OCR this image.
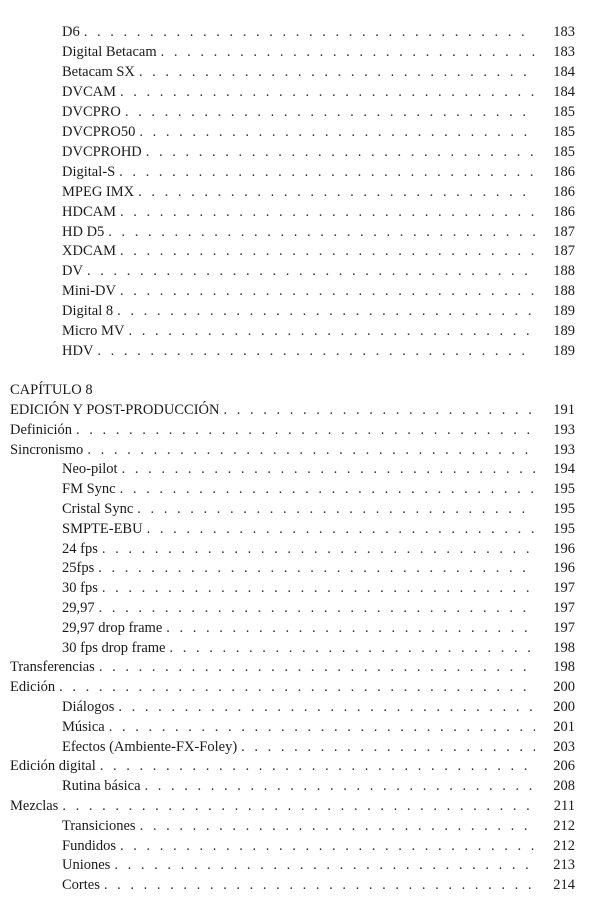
CAPÍTULO 8
D6 . . .	183
Digital Betacam . . .	183
Betacam SX . . .	184
DVCAM . . .	184
DVCPRO . . .	185
DVCPRO50 . . .	185
DVCPROHD . . .	185
Digital-S . . .	186
MPEG IMX . . .	186
HDCAM . . .	186
HD D5 . . .	187
XDCAM . . .	187
DV . . .	188
Mini-DV . . .	188
Digital 8 . . .	189
Micro MV . . .	189
HDV . . .	189
EDICIÓN Y POST-PRODUCCIÓN . . .	191
Definición . . .	193
Sincronismo . . .	193
Neo-pilot . . .	194
FM Sync . . .	195
Cristal Sync . . .	195
SMPTE-EBU . . .	195
24 fps . . .	196
25fps . . .	196
30 fps . . .	197
29,97 . . .	197
29,97 drop frame . . .	197
30 fps drop frame . . .	198
Transferencias . . .	198
Edición . . .	200
Diálogos . . .	200
Música . . .	201
Efectos (Ambiente-FX-Foley) . . .	203
Edición digital . . .	206
Rutina básica . . .	208
Mezclas . . .	211
Transiciones . . .	212
Fundidos . . .	212
Uniones . . .	213
Cortes . . .	214
